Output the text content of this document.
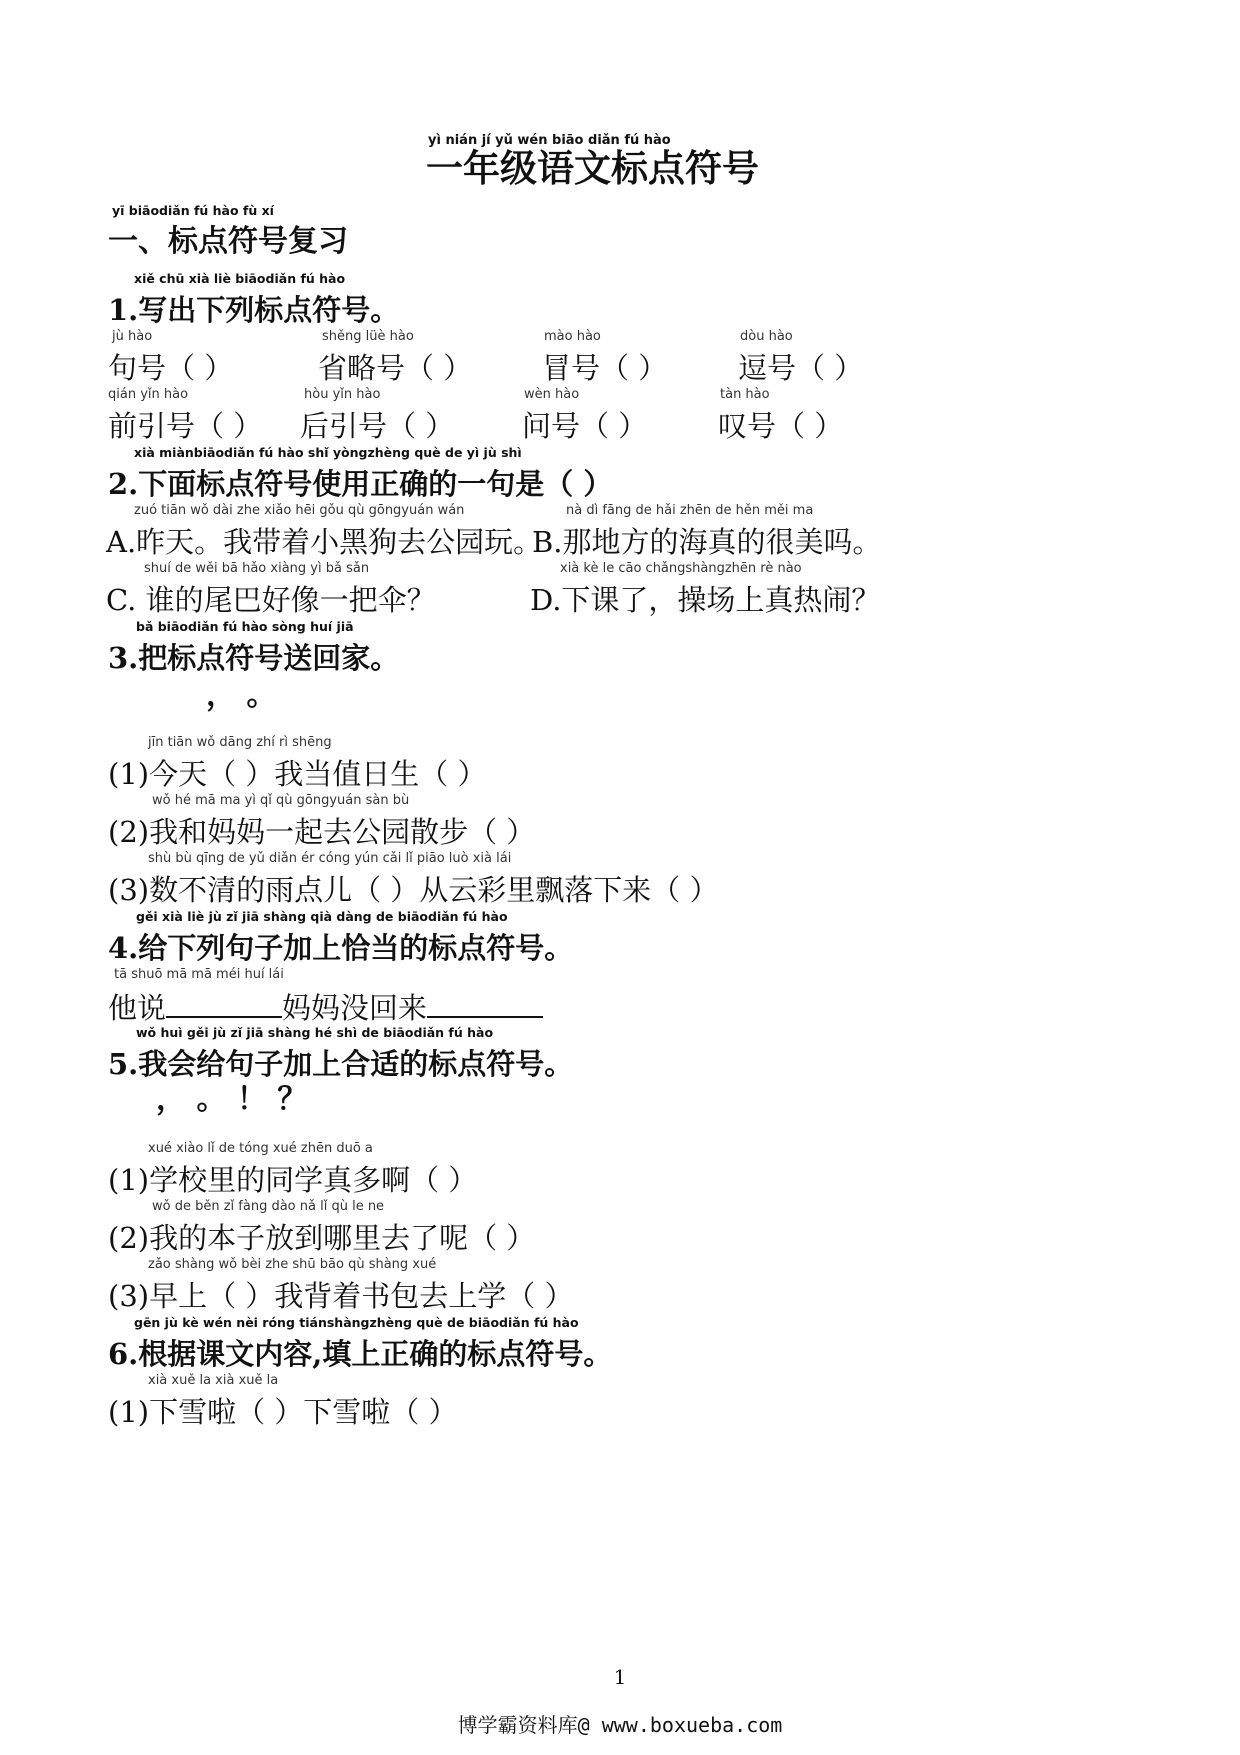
yì nián jí yǔ wén biāo diǎn fú hào
一年级语文标点符号
yī biāodiǎn fú hào fù xí
一、标点符号复习
xiě chū xià liè biāodiǎn fú hào
1.写出下列标点符号。
jù hào
句号（ ）
shěng lüè hào
省略号（ ）
mào hào
冒号（ ）
dòu hào
逗号（ ）
qián yǐn hào
前引号（ ）
hòu yǐn hào
后引号（ ）
wèn hào
问号（ ）
tàn hào
叹号（ ）
xià miànbiāodiǎn fú hào shǐ yòngzhèng què de yì jù shì
2.下面标点符号使用正确的一句是（ ）
zuó tiān wǒ dài zhe xiǎo hēi gǒu qù gōngyuán wán
A.昨天。我带着小黑狗去公园玩。
nà dì fāng de hǎi zhēn de hěn měi ma
B.那地方的海真的很美吗。
shuí de wěi bā hǎo xiàng yì bǎ sǎn
C. 谁的尾巴好像一把伞？
xià kè le cāo chǎngshàngzhēn rè nào
D.下课了，操场上真热闹？
bǎ biāodiǎn fú hào sòng huí jiā
3.把标点符号送回家。
， 。
jīn tiān wǒ dāng zhí rì shēng
(1)今天（ ）我当值日生（ ）
wǒ hé mā ma yì qǐ qù gōngyuán sàn bù
(2)我和妈妈一起去公园散步（ ）
shù bù qīng de yǔ diǎn ér cóng yún cǎi lǐ piāo luò xià lái
(3)数不清的雨点儿（ ）从云彩里飘落下来（ ）
gěi xià liè jù zǐ jiā shàng qià dàng de biāodiǎn fú hào
4.给下列句子加上恰当的标点符号。
tā shuō mā mā méi huí lái
他说	妈妈没回来
wǒ huì gěi jù zǐ jiā shàng hé shì de biāodiǎn fú hào
5.我会给句子加上合适的标点符号。
， 。 ！ ？
xué xiào lǐ de tóng xué zhēn duō a
(1)学校里的同学真多啊（ ）
wǒ de běn zǐ fàng dào nǎ lǐ qù le ne
(2)我的本子放到哪里去了呢（ ）
zǎo shàng wǒ bèi zhe shū bāo qù shàng xué
(3)早上（ ）我背着书包去上学（ ）
gēn jù kè wén nèi róng tiánshàngzhèng què de biāodiǎn fú hào
6.根据课文内容,填上正确的标点符号。
xià xuě la xià xuě la
(1)下雪啦（ ）下雪啦（ ）
1
博学霸资料库@ www.boxueba.com
